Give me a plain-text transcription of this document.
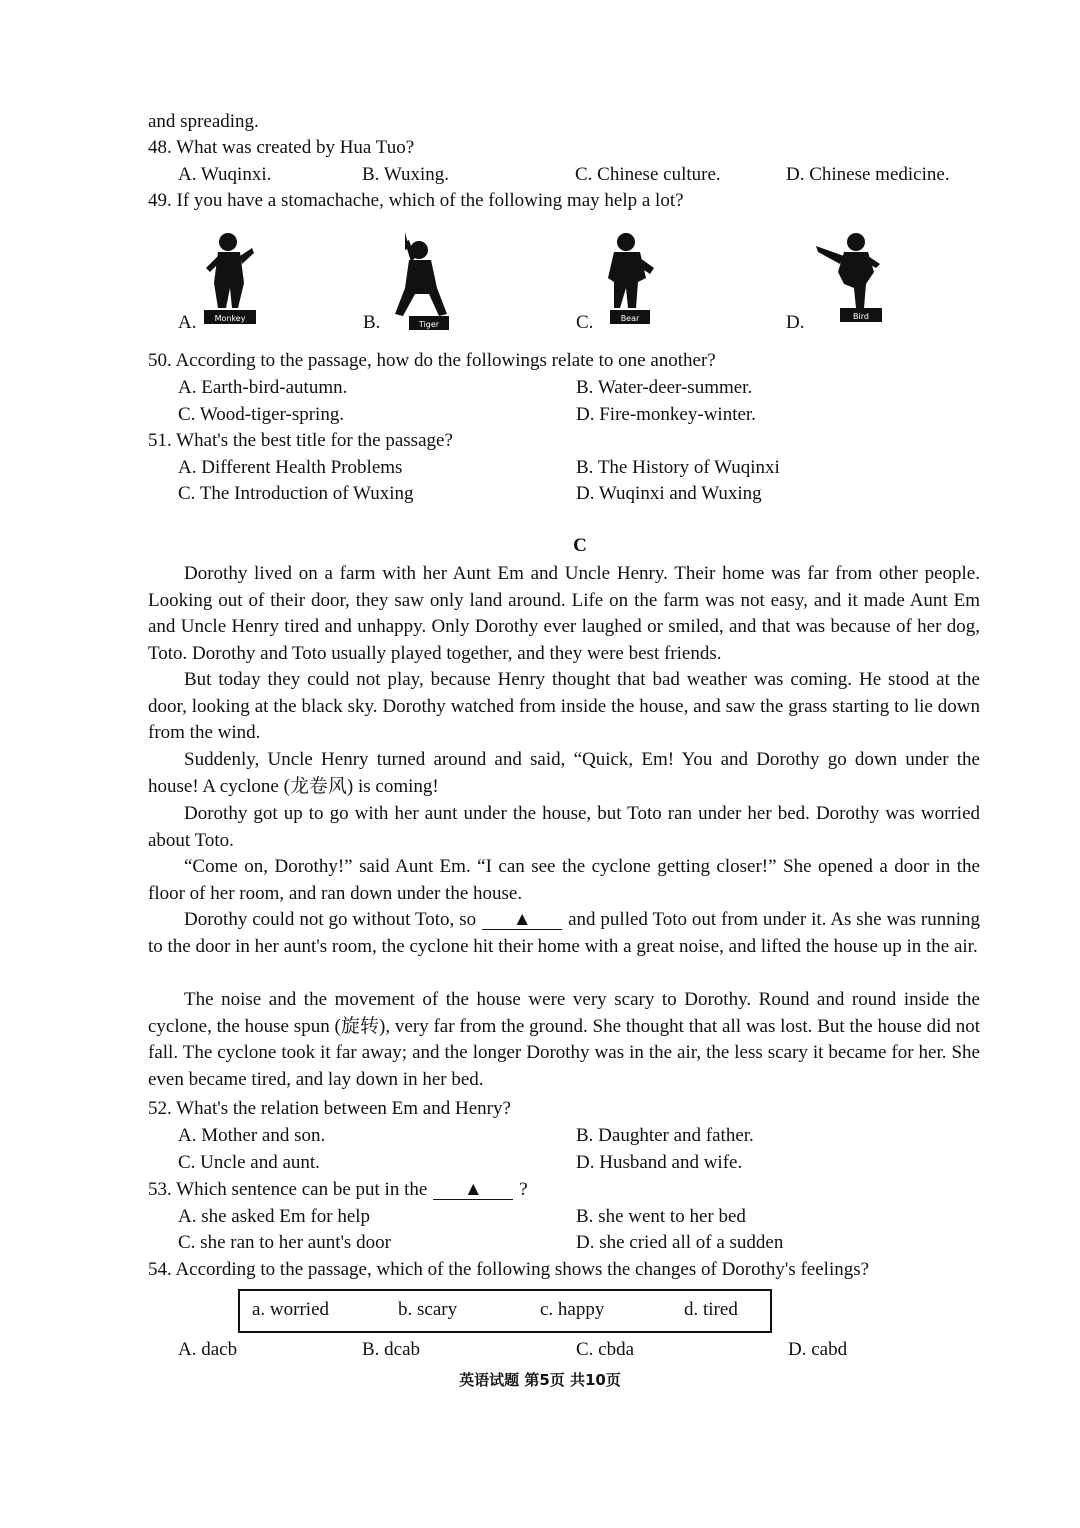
and spreading.
48. What was created by Hua Tuo?
A. Wuqinxi.	B. Wuxing.	C. Chinese culture.	D. Chinese medicine.
49. If you have a stomachache, which of the following may help a lot?
A. Monkey	B.	Tiger	C.	Bear	D.	Bird
50. According to the passage, how do the followings relate to one another?
A. Earth-bird-autumn.	B. Water-deer-summer.
C. Wood-tiger-spring.	D. Fire-monkey-winter.
51. What's the best title for the passage?
A. Different Health Problems	B. The History of Wuqinxi
C. The Introduction of Wuxing	D. Wuqinxi and Wuxing
C
Dorothy lived on a farm with her Aunt Em and Uncle Henry. Their home was far from other people. Looking out of their door, they saw only land around. Life on the farm was not easy, and it made Aunt Em and Uncle Henry tired and unhappy. Only Dorothy ever laughed or smiled, and that was because of her dog, Toto. Dorothy and Toto usually played together, and they were best friends.
But today they could not play, because Henry thought that bad weather was coming. He stood at the door, looking at the black sky. Dorothy watched from inside the house, and saw the grass starting to lie down from the wind.
Suddenly, Uncle Henry turned around and said, “Quick, Em! You and Dorothy go down under the house! A cyclone (龙卷风) is coming!
Dorothy got up to go with her aunt under the house, but Toto ran under her bed. Dorothy was worried about Toto.
“Come on, Dorothy!” said Aunt Em. “I can see the cyclone getting closer!” She opened a door in the floor of her room, and ran down under the house.
Dorothy could not go without Toto, so ▲ and pulled Toto out from under it. As she was running to the door in her aunt's room, the cyclone hit their home with a great noise, and lifted the house up in the air.
The noise and the movement of the house were very scary to Dorothy. Round and round inside the cyclone, the house spun (旋转), very far from the ground. She thought that all was lost. But the house did not fall. The cyclone took it far away; and the longer Dorothy was in the air, the less scary it became for her. She even became tired, and lay down in her bed.
52. What's the relation between Em and Henry?
A. Mother and son.	B. Daughter and father.
C. Uncle and aunt.	D. Husband and wife.
53. Which sentence can be put in the ▲ ?
A. she asked Em for help	B. she went to her bed
C. she ran to her aunt's door	D. she cried all of a sudden
54. According to the passage, which of the following shows the changes of Dorothy's feelings?
a. worried	b. scary	c. happy	d. tired
A. dacb	B. dcab	C. cbda	D. cabd
英语试题 第5页 共10页
